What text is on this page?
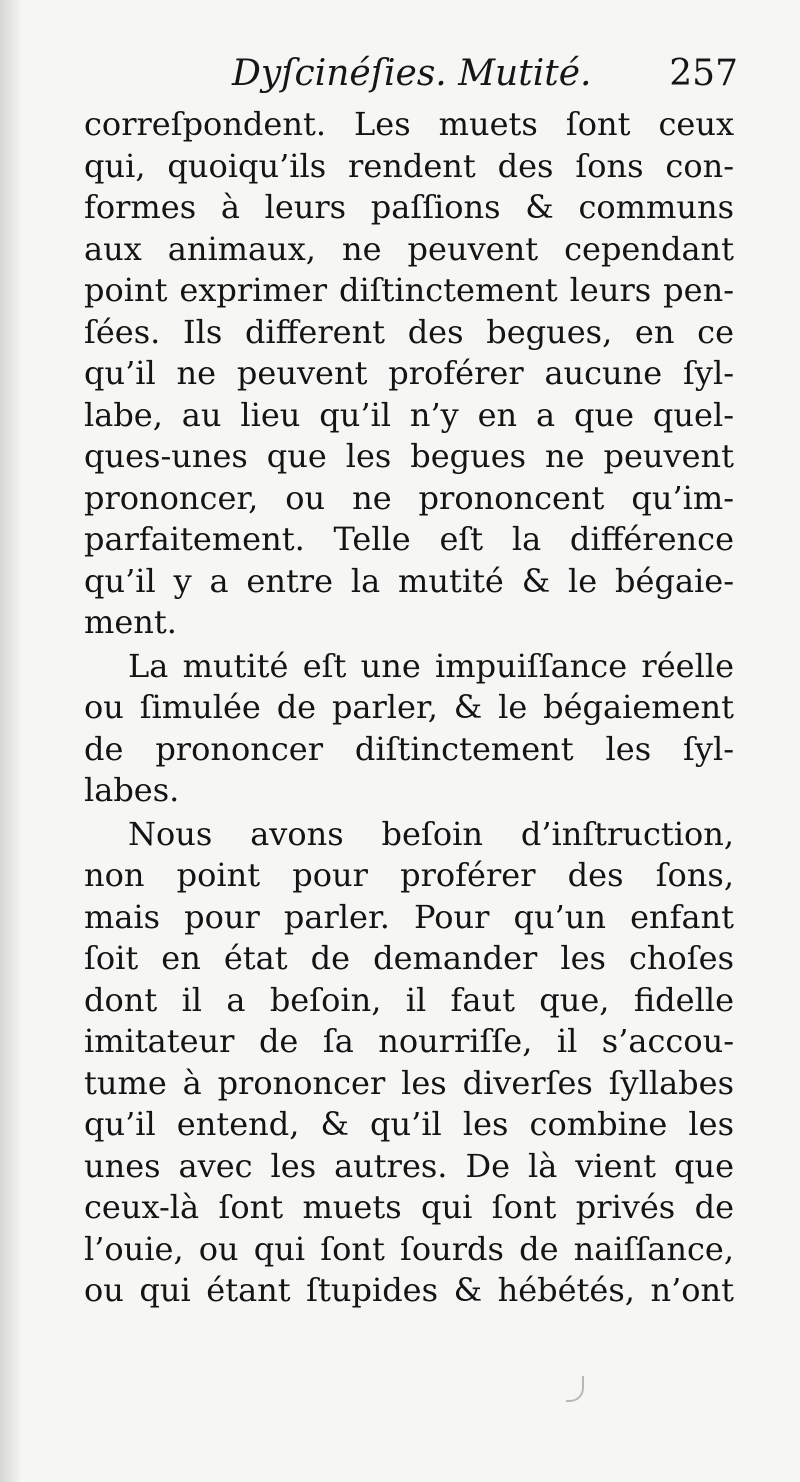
Dyſcinéſies. Mutité. 257
correſpondent. Les muets ſont ceux
qui, quoiqu’ils rendent des ſons con-
formes à leurs paſſions & communs
aux animaux, ne peuvent cependant
point exprimer diſtinctement leurs pen-
ſées. Ils different des begues, en ce
qu’il ne peuvent proférer aucune ſyl-
labe, au lieu qu’il n’y en a que quel-
ques-unes que les begues ne peuvent
prononcer, ou ne prononcent qu’im-
parfaitement. Telle eſt la différence
qu’il y a entre la mutité & le bégaie-
ment.
La mutité eſt une impuiſſance réelle
ou ſimulée de parler, & le bégaiement
de prononcer diſtinctement les ſyl-
labes.
Nous avons beſoin d’inſtruction,
non point pour proférer des ſons,
mais pour parler. Pour qu’un enfant
ſoit en état de demander les choſes
dont il a beſoin, il faut que, fidelle
imitateur de ſa nourriſſe, il s’accou-
tume à prononcer les diverſes ſyllabes
qu’il entend, & qu’il les combine les
unes avec les autres. De là vient que
ceux-là ſont muets qui ſont privés de
l’ouie, ou qui ſont ſourds de naiſſance,
ou qui étant ſtupides & hébétés, n’ont
